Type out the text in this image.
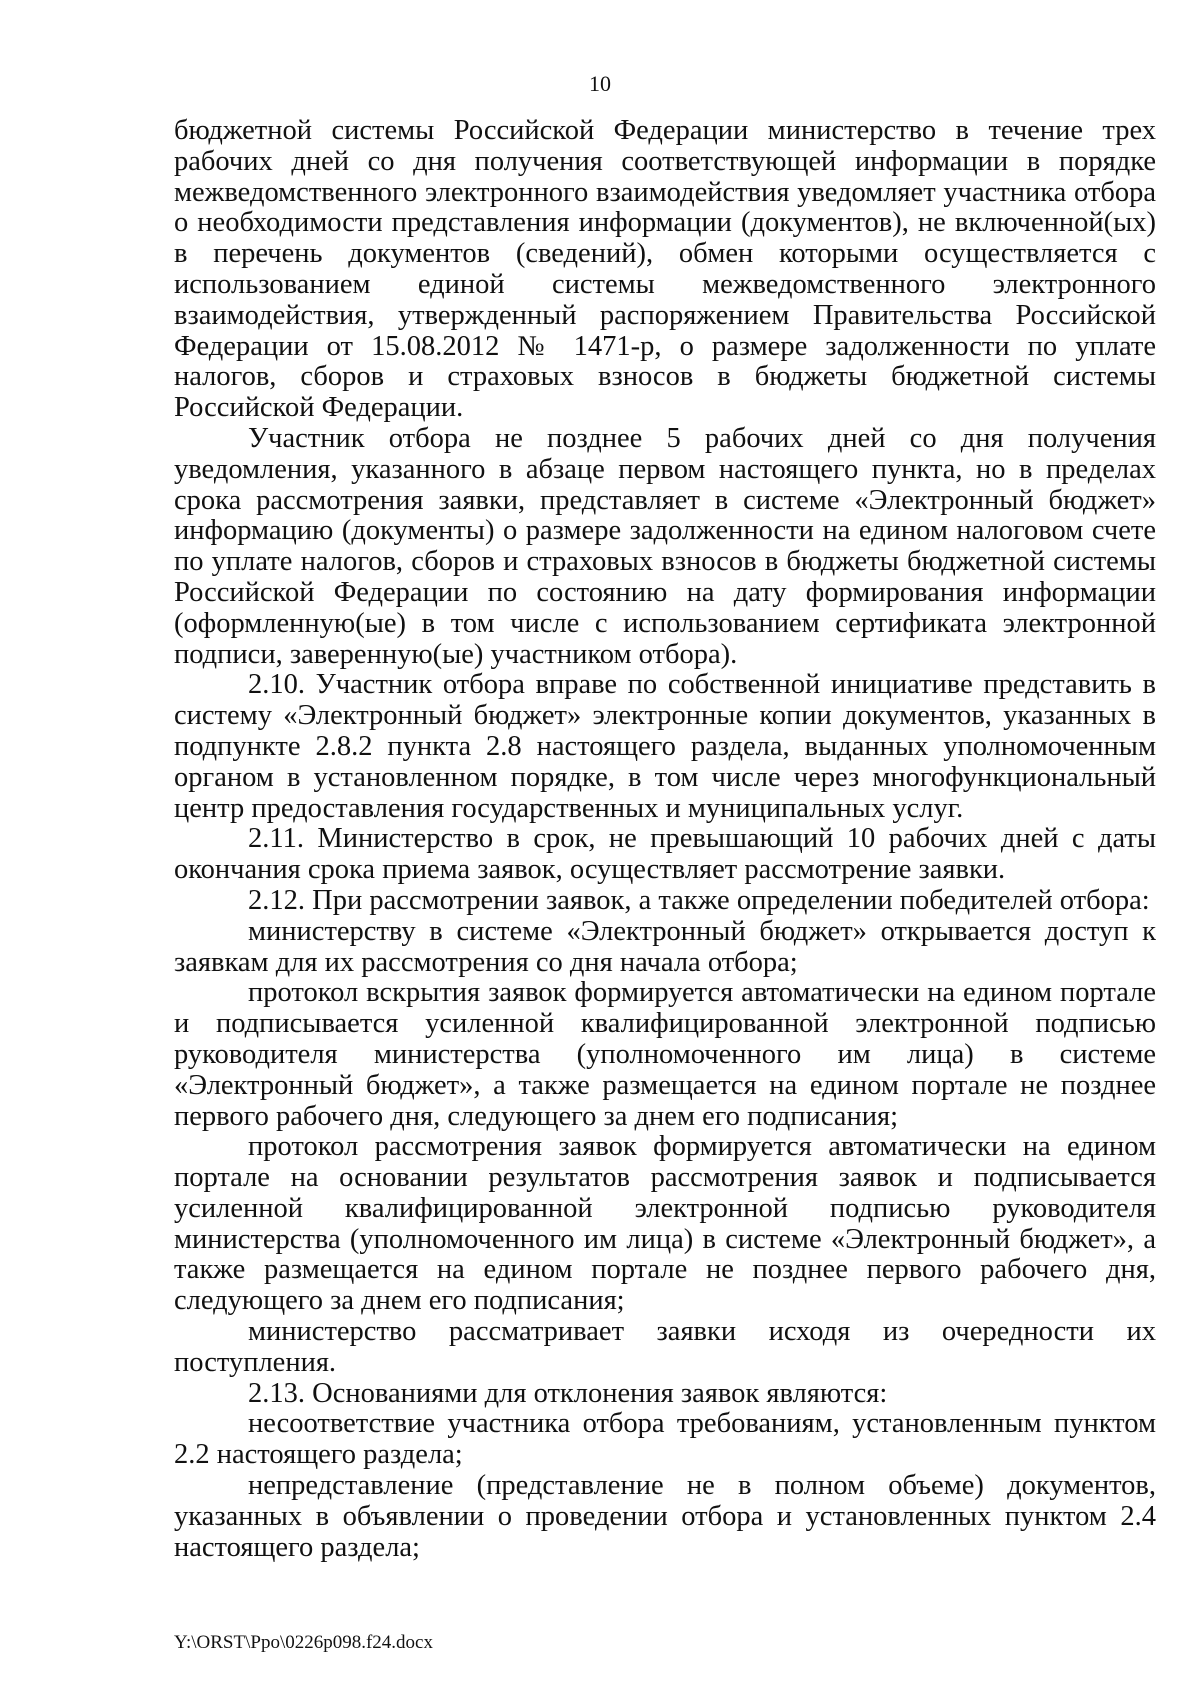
10

бюджетной системы Российской Федерации министерство в течение трех рабочих дней со дня получения соответствующей информации в порядке межведомственного электронного взаимодействия уведомляет участника отбора о необходимости представления информации (документов), не включенной(ых) в перечень документов (сведений), обмен которыми осуществляется с использованием единой системы межведомственного электронного взаимодействия, утвержденный распоряжением Правительства Российской Федерации от 15.08.2012 № 1471-р, о размере задолженности по уплате налогов, сборов и страховых взносов в бюджеты бюджетной системы Российской Федерации.

Участник отбора не позднее 5 рабочих дней со дня получения уведомления, указанного в абзаце первом настоящего пункта, но в пределах срока рассмотрения заявки, представляет в системе «Электронный бюджет» информацию (документы) о размере задолженности на едином налоговом счете по уплате налогов, сборов и страховых взносов в бюджеты бюджетной системы Российской Федерации по состоянию на дату формирования информации (оформленную(ые) в том числе с использованием сертификата электронной подписи, заверенную(ые) участником отбора).

2.10. Участник отбора вправе по собственной инициативе представить в систему «Электронный бюджет» электронные копии документов, указанных в подпункте 2.8.2 пункта 2.8 настоящего раздела, выданных уполномоченным органом в установленном порядке, в том числе через многофункциональный центр предоставления государственных и муниципальных услуг.

2.11. Министерство в срок, не превышающий 10 рабочих дней с даты окончания срока приема заявок, осуществляет рассмотрение заявки.

2.12. При рассмотрении заявок, а также определении победителей отбора:

министерству в системе «Электронный бюджет» открывается доступ к заявкам для их рассмотрения со дня начала отбора;

протокол вскрытия заявок формируется автоматически на едином портале и подписывается усиленной квалифицированной электронной подписью руководителя министерства (уполномоченного им лица) в системе «Электронный бюджет», а также размещается на едином портале не позднее первого рабочего дня, следующего за днем его подписания;

протокол рассмотрения заявок формируется автоматически на едином портале на основании результатов рассмотрения заявок и подписывается усиленной квалифицированной электронной подписью руководителя министерства (уполномоченного им лица) в системе «Электронный бюджет», а также размещается на едином портале не позднее первого рабочего дня, следующего за днем его подписания;

министерство рассматривает заявки исходя из очередности их поступления.

2.13. Основаниями для отклонения заявок являются:

несоответствие участника отбора требованиям, установленным пунктом 2.2 настоящего раздела;

непредставление (представление не в полном объеме) документов, указанных в объявлении о проведении отбора и установленных пунктом 2.4 настоящего раздела;

Y:\ORST\Ppo\0226p098.f24.docx
